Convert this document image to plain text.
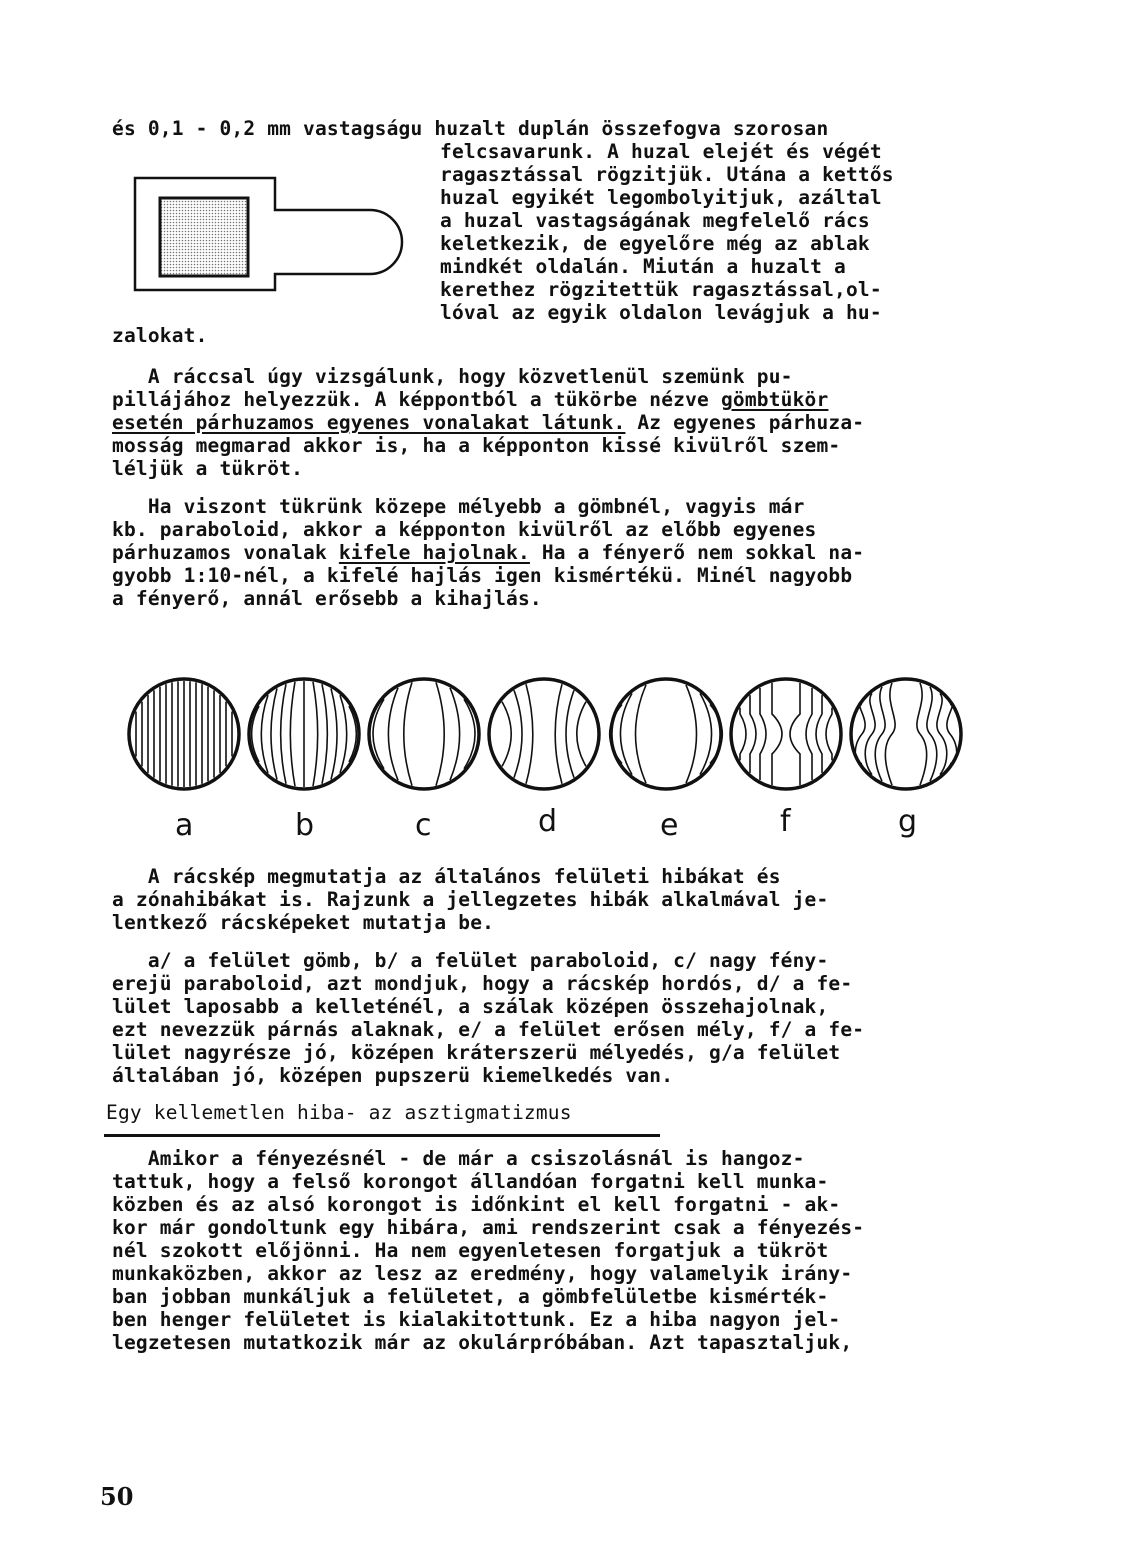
és 0,1 - 0,2 mm vastagságu huzalt duplán összefogva szorosan
felcsavarunk. A huzal elejét és végét
ragasztással rögzitjük. Utána a kettős
huzal egyikét legombolyitjuk, azáltal
a huzal vastagságának megfelelő rács
keletkezik, de egyelőre még az ablak
mindkét oldalán. Miután a huzalt a
kerethez rögzitettük ragasztással,ol-
lóval az egyik oldalon levágjuk a hu-
zalokat.
A ráccsal úgy vizsgálunk, hogy közvetlenül szemünk pu-
pillájához helyezzük. A képpontból a tükörbe nézve gömbtükör
esetén párhuzamos egyenes vonalakat látunk. Az egyenes párhuza-
mosság megmarad akkor is, ha a képponton kissé kivülről szem-
léljük a tükröt.
Ha viszont tükrünk közepe mélyebb a gömbnél, vagyis már
kb. paraboloid, akkor a képponton kivülről az előbb egyenes
párhuzamos vonalak kifele hajolnak. Ha a fényerő nem sokkal na-
gyobb 1:10-nél, a kifelé hajlás igen kismértékü. Minél nagyobb
a fényerő, annál erősebb a kihajlás.
a	b	c	d	e	f	g
A rácskép megmutatja az általános felületi hibákat és
a zónahibákat is. Rajzunk a jellegzetes hibák alkalmával je-
lentkező rácsképeket mutatja be.
a/ a felület gömb, b/ a felület paraboloid, c/ nagy fény-
erejü paraboloid, azt mondjuk, hogy a rácskép hordós, d/ a fe-
lület laposabb a kelleténél, a szálak középen összehajolnak,
ezt nevezzük párnás alaknak, e/ a felület erősen mély, f/ a fe-
lület nagyrésze jó, középen kráterszerü mélyedés, g/a felület
általában jó, középen pupszerü kiemelkedés van.
Egy kellemetlen hiba- az asztigmatizmus
Amikor a fényezésnél - de már a csiszolásnál is hangoz-
tattuk, hogy a felső korongot állandóan forgatni kell munka-
közben és az alsó korongot is időnkint el kell forgatni - ak-
kor már gondoltunk egy hibára, ami rendszerint csak a fényezés-
nél szokott előjönni. Ha nem egyenletesen forgatjuk a tükröt
munkaközben, akkor az lesz az eredmény, hogy valamelyik irány-
ban jobban munkáljuk a felületet, a gömbfelületbe kismérték-
ben henger felületet is kialakitottunk. Ez a hiba nagyon jel-
legzetesen mutatkozik már az okulárpróbában. Azt tapasztaljuk,
50
